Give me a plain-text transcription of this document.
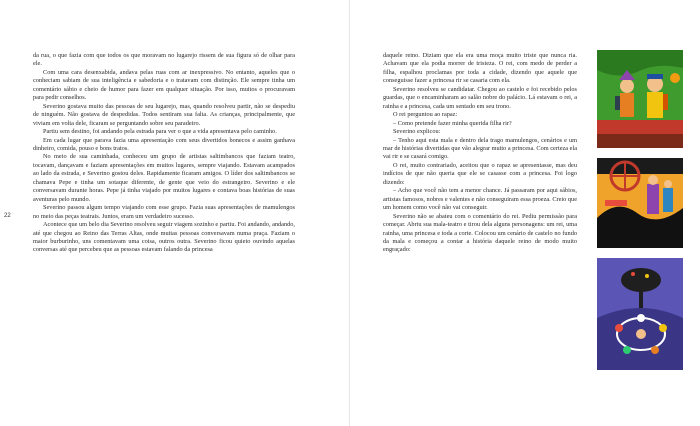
22

da rua, o que fazia com que todos os que moravam no lugarejo rissem de sua figura só de olhar para ele.

Com uma cara desenxabida, andava pelas ruas com ar inexpressivo. No entanto, aqueles que o conheciam sabiam de sua inteligência e sabedoria e o tratavam com distinção. Ele sempre tinha um comentário sábio e cheio de humor para fazer em qualquer situação. Por isso, muitos o procuravam para pedir conselhos.

Severino gostava muito das pessoas de seu lugarejo, mas, quando resolveu partir, não se despediu de ninguém. Não gostava de despedidas. Todos sentiram sua falta. As crianças, principalmente, que viviam em volta dele, ficaram se perguntando sobre seu paradeiro.

Partiu sem destino, foi andando pela estrada para ver o que a vida apresentava pelo caminho.

Em cada lugar que parava fazia uma apresentação com seus divertidos bonecos e assim ganhava dinheiro, comida, pouso e bons tratos.

No meio de sua caminhada, conheceu um grupo de artistas saltimbancos que faziam teatro, tocavam, dançavam e faziam apresentações em muitos lugares, sempre viajando. Estavam acampados ao lado da estrada, e Severino gostou deles. Rapidamente ficaram amigos. O líder dos saltimbancos se chamava Pepe e tinha um sotaque diferente, de gente que veio do estrangeiro. Severino e ele conversavam durante horas. Pepe já tinha viajado por muitos lugares e contava boas histórias de suas aventuras pelo mundo.

Severino passou algum tempo viajando com esse grupo. Fazia suas apresentações de mamulengos no meio das peças teatrais. Juntos, eram um verdadeiro sucesso.

Acontece que um belo dia Severino resolveu seguir viagem sozinho e partiu. Foi andando, andando, até que chegou ao Reino das Terras Altas, onde muitas pessoas conversavam numa praça. Faziam o maior burburinho, uns comentavam uma coisa, outros outra. Severino ficou quieto ouvindo aquelas conversas até que percebeu que as pessoas estavam falando da princesa

daquele reino. Diziam que ela era uma moça muito triste que nunca ria. Achavam que ela podia morrer de tristeza. O rei, com medo de perder a filha, espalhou proclamas por toda a cidade, dizendo que aquele que conseguisse fazer a princesa rir se casaria com ela.

Severino resolveu se candidatar. Chegou ao castelo e foi recebido pelos guardas, que o encaminharam ao salão nobre do palácio. Lá estavam o rei, a rainha e a princesa, cada um sentado em seu trono.

O rei perguntou ao rapaz:

– Como pretende fazer minha querida filha rir?

Severino explicou:

– Tenho aqui esta mala e dentro dela trago mamulengos, cenários e um mar de histórias divertidas que vão alegrar muito a princesa. Com certeza ela vai rir e se casará comigo.

O rei, muito contrariado, aceitou que o rapaz se apresentasse, mas deu indícios de que não queria que ele se casasse com a princesa. Foi logo dizendo:

– Acho que você não tem a menor chance. Já passaram por aqui sábios, artistas famosos, nobres e valentes e não conseguiram essa proeza. Creio que um homem como você não vai conseguir.

Severino não se abateu com o comentário do rei. Pediu permissão para começar. Abriu sua mala-teatro e tirou dela alguns personagens: um rei, uma rainha, uma princesa e toda a corte. Colocou um cenário de castelo no fundo da mala e começou a contar a história daquele reino de modo muito engraçado:
